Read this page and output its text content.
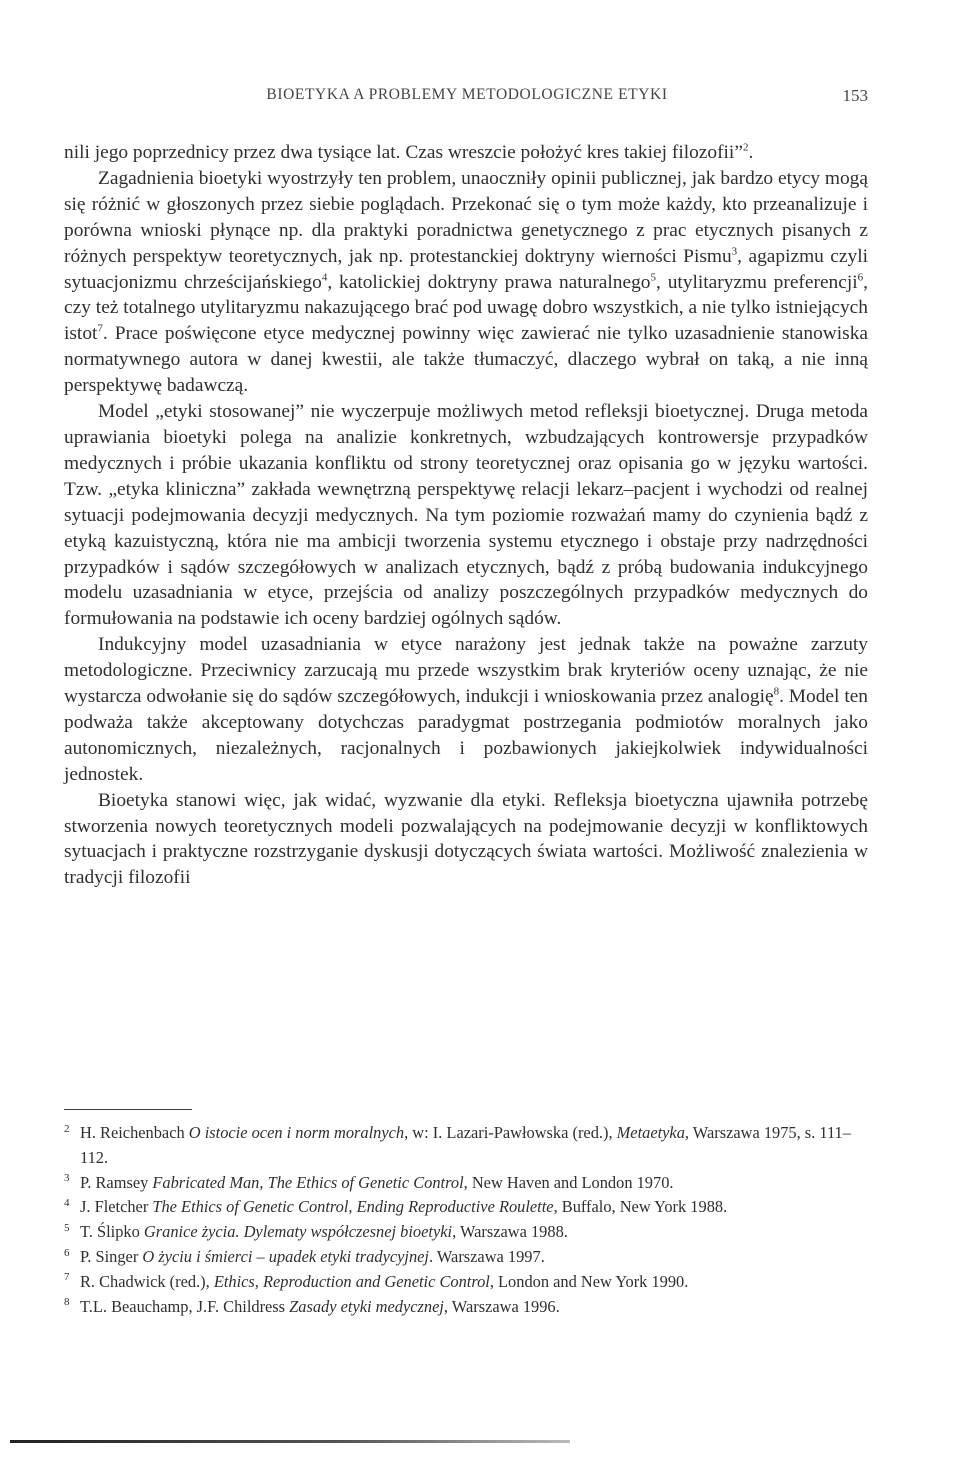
BIOETYKA A PROBLEMY METODOLOGICZNE ETYKI	153

nili jego poprzednicy przez dwa tysiące lat. Czas wreszcie położyć kres takiej filozofii”$^2$.

Zagadnienia bioetyki wyostrzyły ten problem, unaoczniły opinii publicznej, jak bardzo etycy mogą się różnić w głoszonych przez siebie poglądach. Przekonać się o tym może każdy, kto przeanalizuje i porówna wnioski płynące np. dla praktyki poradnictwa genetycznego z prac etycznych pisanych z różnych perspektyw teoretycznych, jak np. protestanckiej doktryny wierności Pismu$^3$, agapizmu czyli sytuacjonizmu chrześcijańskiego$^4$, katolickiej doktryny prawa naturalnego$^5$, utylitaryzmu preferencji$^6$, czy też totalnego utylitaryzmu nakazującego brać pod uwagę dobro wszystkich, a nie tylko istniejących istot$^7$. Prace poświęcone etyce medycznej powinny więc zawierać nie tylko uzasadnienie stanowiska normatywnego autora w danej kwestii, ale także tłumaczyć, dlaczego wybrał on taką, a nie inną perspektywę badawczą.

Model „etyki stosowanej” nie wyczerpuje możliwych metod refleksji bioetycznej. Druga metoda uprawiania bioetyki polega na analizie konkretnych, wzbudzających kontrowersje przypadków medycznych i próbie ukazania konfliktu od strony teoretycznej oraz opisania go w języku wartości. Tzw. „etyka kliniczna” zakłada wewnętrzną perspektywę relacji lekarz–pacjent i wychodzi od realnej sytuacji podejmowania decyzji medycznych. Na tym poziomie rozważań mamy do czynienia bądź z etyką kazuistyczną, która nie ma ambicji tworzenia systemu etycznego i obstaje przy nadrzędności przypadków i sądów szczegółowych w analizach etycznych, bądź z próbą budowania indukcyjnego modelu uzasadniania w etyce, przejścia od analizy poszczególnych przypadków medycznych do formułowania na podstawie ich oceny bardziej ogólnych sądów.

Indukcyjny model uzasadniania w etyce narażony jest jednak także na poważne zarzuty metodologiczne. Przeciwnicy zarzucają mu przede wszystkim brak kryteriów oceny uznając, że nie wystarcza odwołanie się do sądów szczegółowych, indukcji i wnioskowania przez analogię$^8$. Model ten podważa także akceptowany dotychczas paradygmat postrzegania podmiotów moralnych jako autonomicznych, niezależnych, racjonalnych i pozbawionych jakiejkolwiek indywidualności jednostek.

Bioetyka stanowi więc, jak widać, wyzwanie dla etyki. Refleksja bioetyczna ujawniła potrzebę stworzenia nowych teoretycznych modeli pozwalających na podejmowanie decyzji w konfliktowych sytuacjach i praktyczne rozstrzyganie dyskusji dotyczących świata wartości. Możliwość znalezienia w tradycji filozofii

2 H. Reichenbach O istocie ocen i norm moralnych, w: I. Lazari-Pawłowska (red.), Metaetyka, Warszawa 1975, s. 111–112.
3 P. Ramsey Fabricated Man, The Ethics of Genetic Control, New Haven and London 1970.
4 J. Fletcher The Ethics of Genetic Control, Ending Reproductive Roulette, Buffalo, New York 1988.
5 T. Ślipko Granice życia. Dylematy współczesnej bioetyki, Warszawa 1988.
6 P. Singer O życiu i śmierci – upadek etyki tradycyjnej. Warszawa 1997.
7 R. Chadwick (red.), Ethics, Reproduction and Genetic Control, London and New York 1990.
8 T.L. Beauchamp, J.F. Childress Zasady etyki medycznej, Warszawa 1996.
